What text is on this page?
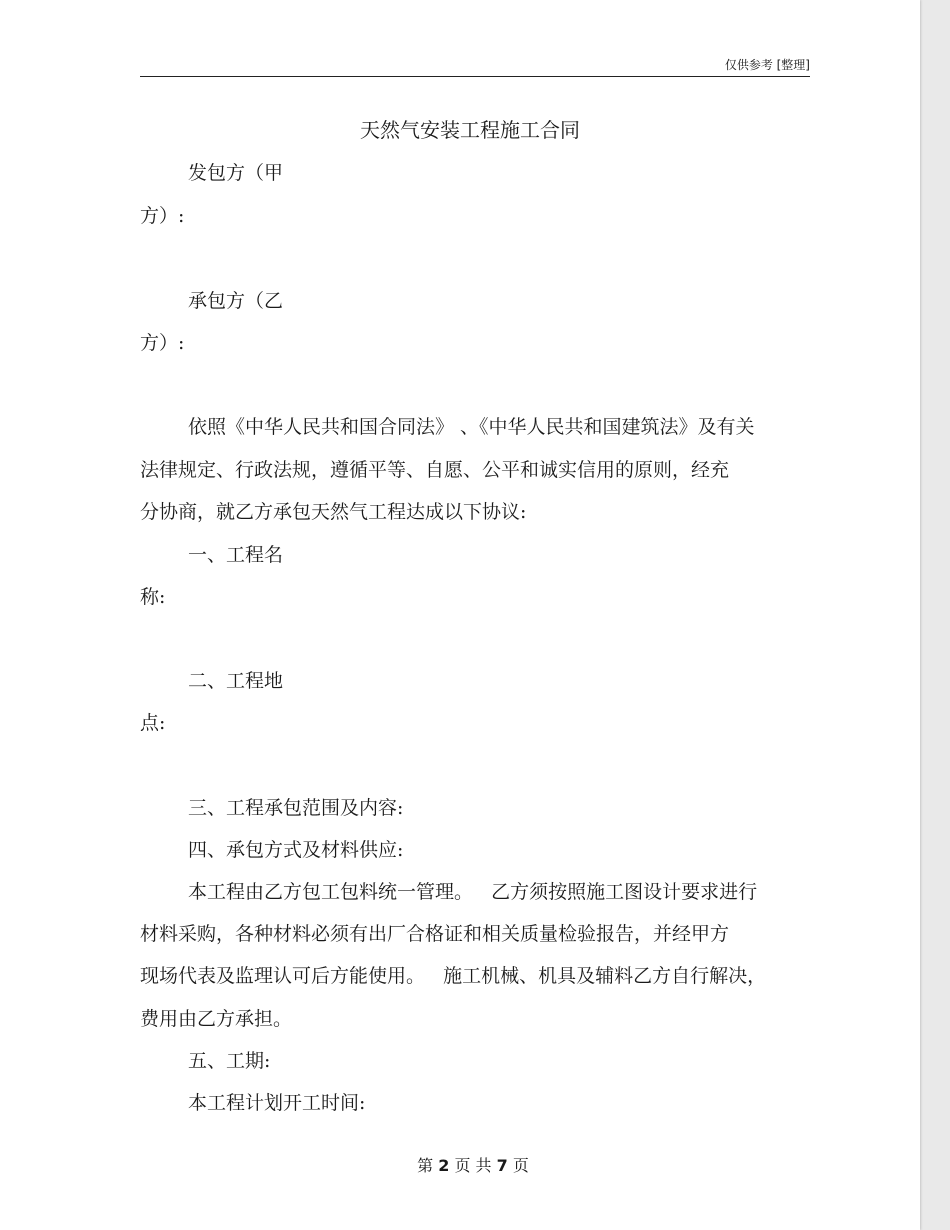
仅供参考 [整理]
天然气安装工程施工合同
发包方（甲
方）:
承包方（乙
方）:
依照《中华人民共和国合同法》 、《中华人民共和国建筑法》及有关
法律规定、行政法规，遵循平等、自愿、公平和诚实信用的原则，经充
分协商，就乙方承包天然气工程达成以下协议:
一、工程名
称:
二、工程地
点:
三、工程承包范围及内容:
四、承包方式及材料供应:
本工程由乙方包工包料统一管理。   乙方须按照施工图设计要求进行
材料采购，各种材料必须有出厂合格证和相关质量检验报告，并经甲方
现场代表及监理认可后方能使用。   施工机械、机具及辅料乙方自行解决，
费用由乙方承担。
五、工期:
本工程计划开工时间:
第 2 页 共 7 页
